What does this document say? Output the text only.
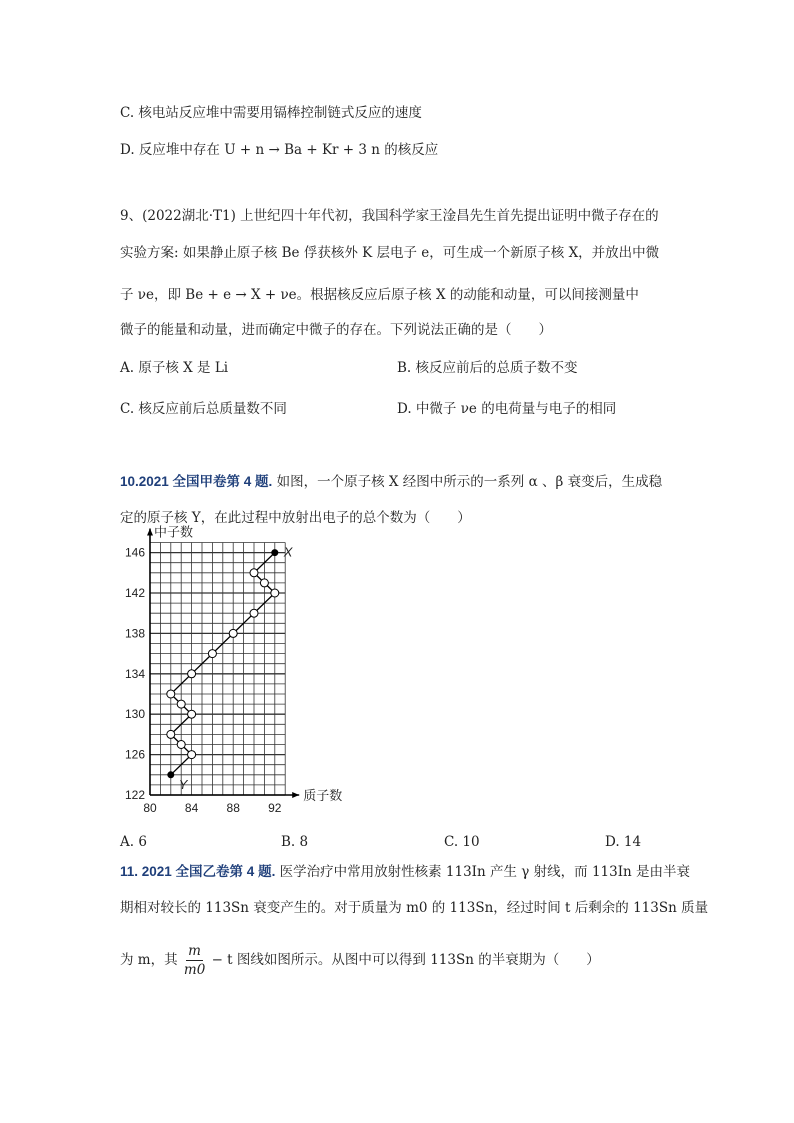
C. 核电站反应堆中需要用镉棒控制链式反应的速度
D. 反应堆中存在 U + n → Ba + Kr + 3 n 的核反应
9、(2022湖北·T1) 上世纪四十年代初，我国科学家王淦昌先生首先提出证明中微子存在的
实验方案: 如果静止原子核 Be 俘获核外 K 层电子 e，可生成一个新原子核 X，并放出中微
子 νe，即 Be + e → X + νe。根据核反应后原子核 X 的动能和动量，可以间接测量中
微子的能量和动量，进而确定中微子的存在。下列说法正确的是（　　）
A. 原子核 X 是 Li	B. 核反应前后的总质子数不变
C. 核反应前后总质量数不同	D. 中微子 νe 的电荷量与电子的相同
10.2021 全国甲卷第 4 题. 如图，一个原子核 X 经图中所示的一系列 α 、β 衰变后，生成稳
定的原子核 Y，在此过程中放射出电子的总个数为（　　）
80 84 88 92
122
126
130
134
138
142
146
质子数
中子数
X
Y
A. 6	B. 8	C. 10	D. 14
11. 2021 全国乙卷第 4 题. 医学治疗中常用放射性核素 113In 产生 γ 射线，而 113In 是由半衰
期相对较长的 113Sn 衰变产生的。对于质量为 m0 的 113Sn，经过时间 t 后剩余的 113Sn 质量
为 m，其 $\frac{m}{m0} - t$ 图线如图所示。从图中可以得到 113Sn 的半衰期为（　　）
